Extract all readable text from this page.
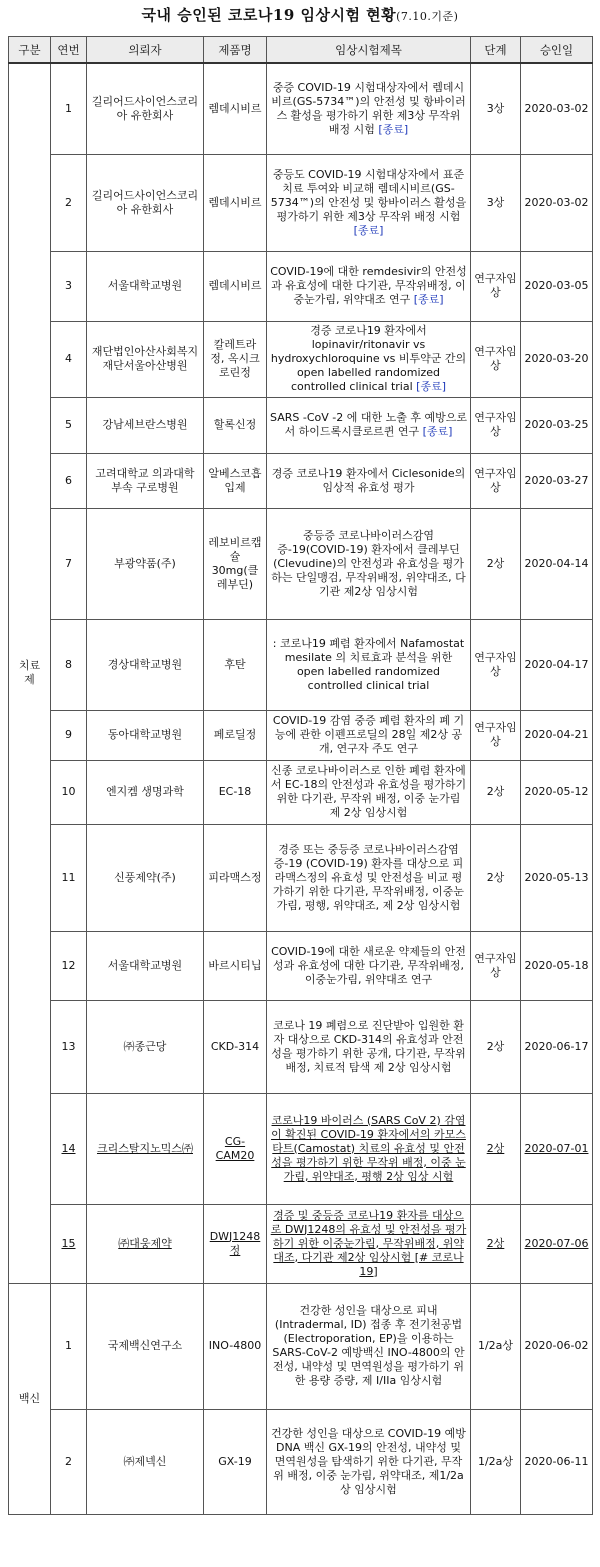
국내 승인된 코로나19 임상시험 현황(7.10.기준)
구분	연번	의뢰자	제품명	임상시험제목	단계	승인일
치료
제	1	길리어드사이언스코리아 유한회사	렘데시비르	중증 COVID-19 시험대상자에서 렘데시비르(GS-5734™)의 안전성 및 항바이러스 활성을 평가하기 위한 제3상 무작위 배정 시험 [종료]	3상	2020-03-02
	2	길리어드사이언스코리아 유한회사	렘데시비르	중등도 COVID-19 시험대상자에서 표준 치료 투여와 비교해 렘데시비르(GS-5734™)의 안전성 및 항바이러스 활성을 평가하기 위한 제3상 무작위 배정 시험 [종료]	3상	2020-03-02
	3	서울대학교병원	렘데시비르	COVID-19에 대한 remdesivir의 안전성과 유효성에 대한 다기관, 무작위배정, 이중눈가림, 위약대조 연구 [종료]	연구자임상	2020-03-05
	4	재단법인아산사회복지재단서울아산병원	칼레트라정, 옥시크로린정	경증 코로나19 환자에서 lopinavir/ritonavir vs hydroxychloroquine vs 비투약군 간의 open labelled randomized controlled clinical trial [종료]	연구자임상	2020-03-20
	5	강남세브란스병원	할록신정	SARS -CoV -2 에 대한 노출 후 예방으로서 하이드록시클로르퀸 연구 [종료]	연구자임상	2020-03-25
	6	고려대학교 의과대학 부속 구로병원	알베스코흡입제	경증 코로나19 환자에서 Ciclesonide의 임상적 유효성 평가	연구자임상	2020-03-27
	7	부광약품(주)	레보비르캡슐30mg(클레부딘)	중등증 코로나바이러스감염증-19(COVID-19) 환자에서 클레부딘(Clevudine)의 안전성과 유효성을 평가하는 단일맹검, 무작위배정, 위약대조, 다기관 제2상 임상시험	2상	2020-04-14
	8	경상대학교병원	후탄	: 코로나19 폐렴 환자에서 Nafamostat mesilate 의 치료효과 분석을 위한 open labelled randomized controlled clinical trial	연구자임상	2020-04-17
	9	동아대학교병원	페로딜정	COVID-19 감염 중증 폐렴 환자의 폐 기능에 관한 이펜프로딜의 28일 제2상 공개, 연구자 주도 연구	연구자임상	2020-04-21
	10	엔지켐 생명과학	EC-18	신종 코로나바이러스로 인한 폐렴 환자에서 EC-18의 안전성과 유효성을 평가하기 위한 다기관, 무작위 배정, 이중 눈가림 제 2상 임상시험	2상	2020-05-12
	11	신풍제약(주)	피라맥스정	경증 또는 중등증 코로나바이러스감염증-19 (COVID-19) 환자를 대상으로 피라맥스정의 유효성 및 안전성을 비교 평가하기 위한 다기관, 무작위배정, 이중눈가림, 평행, 위약대조, 제 2상 임상시험	2상	2020-05-13
	12	서울대학교병원	바르시티닙	COVID-19에 대한 새로운 약제들의 안전성과 유효성에 대한 다기관, 무작위배정, 이중눈가림, 위약대조 연구	연구자임상	2020-05-18
	13	㈜종근당	CKD-314	코로나 19 폐렴으로 진단받아 입원한 환자 대상으로 CKD-314의 유효성과 안전성을 평가하기 위한 공개, 다기관, 무작위배정, 치료적 탐색 제 2상 임상시험	2상	2020-06-17
	14	크리스탈지노믹스㈜	CG-CAM20	코로나19 바이러스 (SARS CoV 2) 감염이 확진된 COVID-19 환자에서의 카모스타트(Camostat) 치료의 유효성 및 안전성을 평가하기 위한 무작위 배정, 이중 눈가림, 위약대조, 평행 2상 임상 시험	2상	2020-07-01
	15	㈜대웅제약	DWJ1248정	경증 및 중등증 코로나19 환자를 대상으로 DWJ1248의 유효성 및 안전성을 평가하기 위한 이중눈가림, 무작위배정, 위약대조, 다기관 제2상 임상시험 [# 코로나19]	2상	2020-07-06
백신	1	국제백신연구소	INO-4800	건강한 성인을 대상으로 피내(Intradermal, ID) 접종 후 전기천공법(Electroporation, EP)을 이용하는 SARS-CoV-2 예방백신 INO-4800의 안전성, 내약성 및 면역원성을 평가하기 위한 용량 증량, 제 I/IIa 임상시험	1/2a상	2020-06-02
	2	㈜제넥신	GX-19	건강한 성인을 대상으로 COVID-19 예방 DNA 백신 GX-19의 안전성, 내약성 및 면역원성을 탐색하기 위한 다기관, 무작위 배정, 이중 눈가림, 위약대조, 제1/2a상 임상시험	1/2a상	2020-06-11
